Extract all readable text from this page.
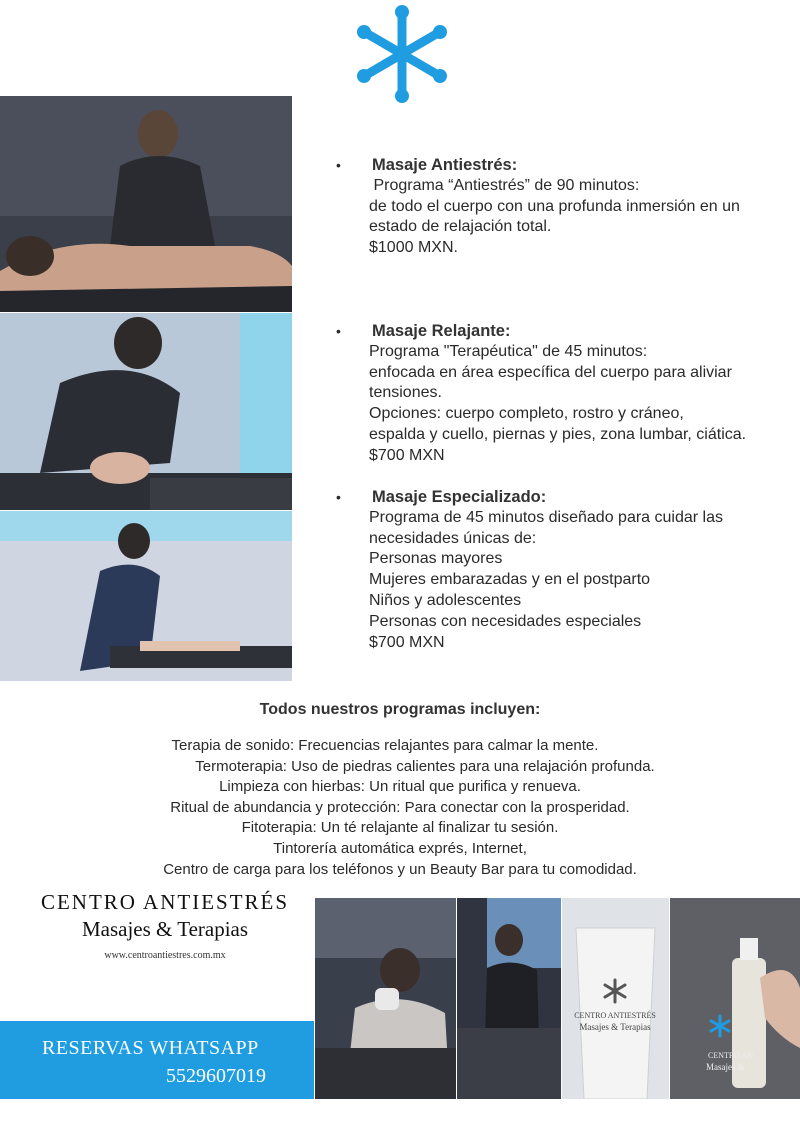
• Masaje Antiestrés:
Programa “Antiestrés” de 90 minutos:
de todo el cuerpo con una profunda inmersión en un
estado de relajación total.
$1000 MXN.
• Masaje Relajante:
Programa "Terapéutica" de 45 minutos:
enfocada en área específica del cuerpo para aliviar
tensiones.
Opciones: cuerpo completo, rostro y cráneo,
espalda y cuello, piernas y pies, zona lumbar, ciática.
$700 MXN
• Masaje Especializado:
Programa de 45 minutos diseñado para cuidar las
necesidades únicas de:
Personas mayores
Mujeres embarazadas y en el postparto
Niños y adolescentes
Personas con necesidades especiales
$700 MXN
Todos nuestros programas incluyen:
Terapia de sonido: Frecuencias relajantes para calmar la mente.
Termoterapia: Uso de piedras calientes para una relajación profunda.
Limpieza con hierbas: Un ritual que purifica y renueva.
Ritual de abundancia y protección: Para conectar con la prosperidad.
Fitoterapia: Un té relajante al finalizar tu sesión.
Tintorería automática exprés, Internet,
Centro de carga para los teléfonos y un Beauty Bar para tu comodidad.
CENTRO ANTIESTRÉS
Masajes & Terapias
www.centroantiestres.com.mx
RESERVAS WHATSAPP
5529607019
CENTRO ANTIESTRÉS
Masajes & Terapias
CENTRO AN
Masajes &
